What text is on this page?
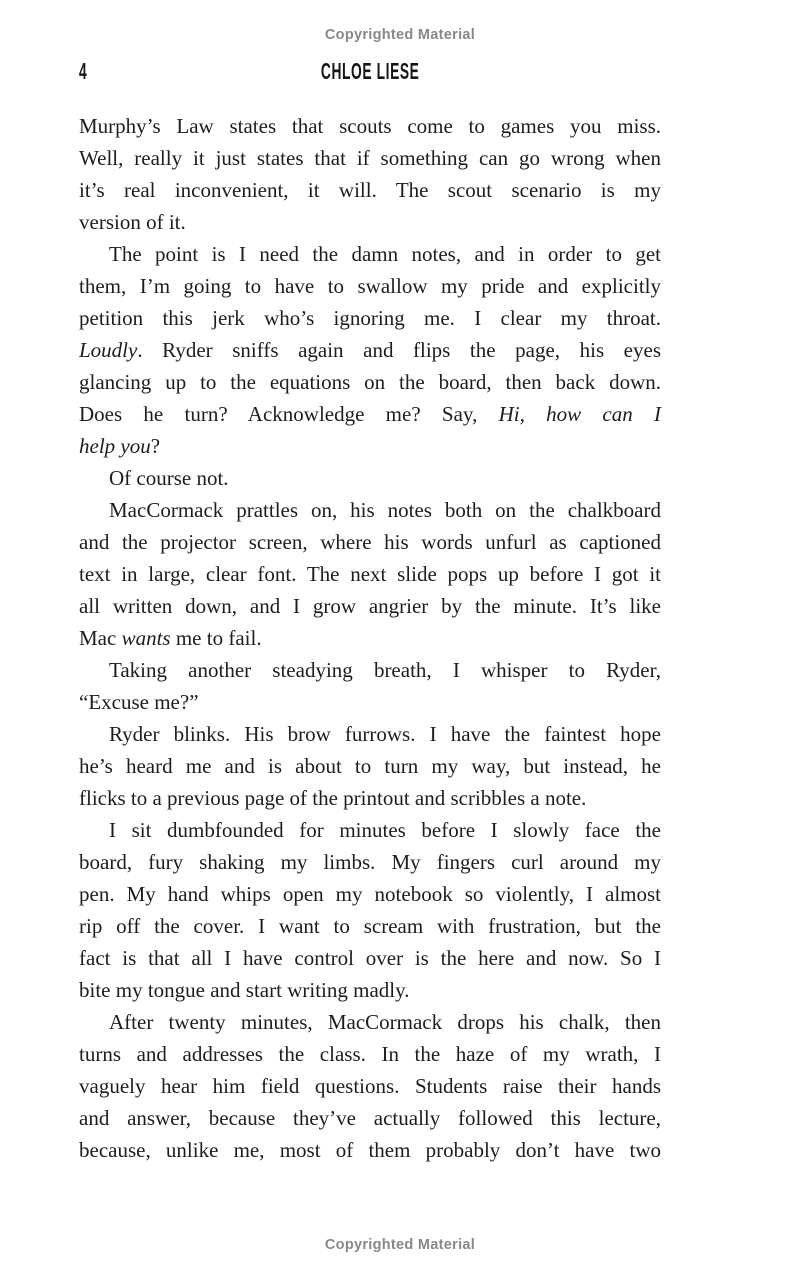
Copyrighted Material
4	CHLOE LIESE
Murphy’s Law states that scouts come to games you miss.
Well, really it just states that if something can go wrong when
it’s real inconvenient, it will. The scout scenario is my
version of it.
The point is I need the damn notes, and in order to get
them, I’m going to have to swallow my pride and explicitly
petition this jerk who’s ignoring me. I clear my throat.
Loudly. Ryder sniffs again and flips the page, his eyes
glancing up to the equations on the board, then back down.
Does he turn? Acknowledge me? Say, Hi, how can I
help you?
Of course not.
MacCormack prattles on, his notes both on the chalkboard
and the projector screen, where his words unfurl as captioned
text in large, clear font. The next slide pops up before I got it
all written down, and I grow angrier by the minute. It’s like
Mac wants me to fail.
Taking another steadying breath, I whisper to Ryder,
“Excuse me?”
Ryder blinks. His brow furrows. I have the faintest hope
he’s heard me and is about to turn my way, but instead, he
flicks to a previous page of the printout and scribbles a note.
I sit dumbfounded for minutes before I slowly face the
board, fury shaking my limbs. My fingers curl around my
pen. My hand whips open my notebook so violently, I almost
rip off the cover. I want to scream with frustration, but the
fact is that all I have control over is the here and now. So I
bite my tongue and start writing madly.
After twenty minutes, MacCormack drops his chalk, then
turns and addresses the class. In the haze of my wrath, I
vaguely hear him field questions. Students raise their hands
and answer, because they’ve actually followed this lecture,
because, unlike me, most of them probably don’t have two
Copyrighted Material
